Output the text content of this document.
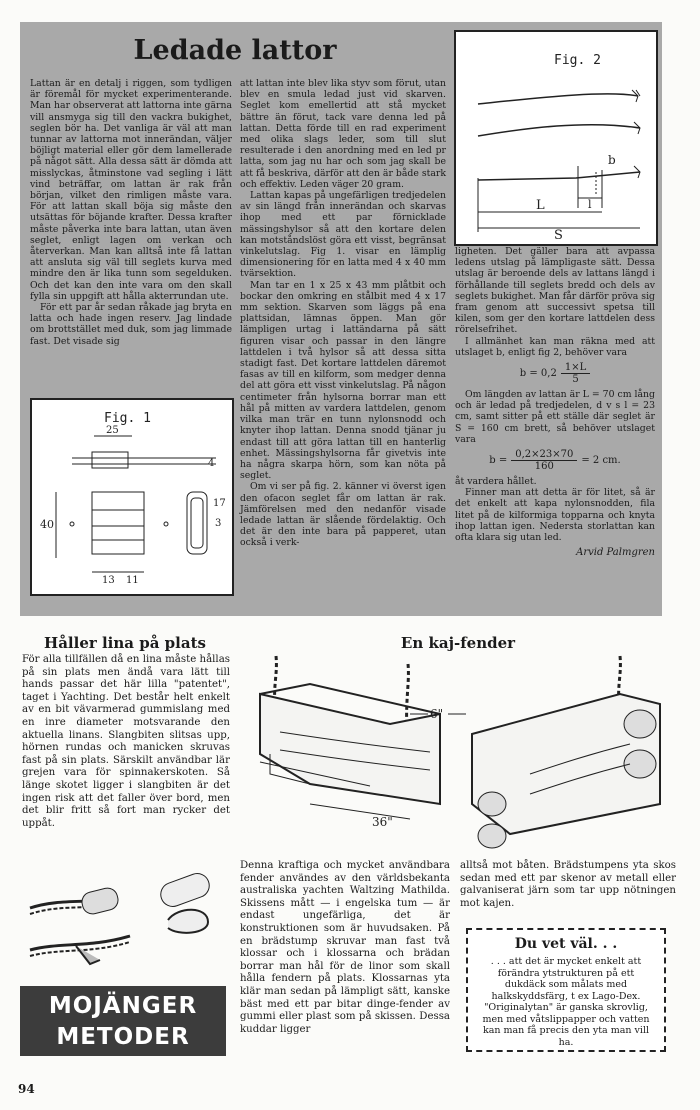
Fig. 2
b
l
L
S
Ledade lattor

Lattan är en detalj i riggen, som tydligen är föremål för mycket experimenterande. Man har observerat att lattorna inte gärna vill ansmyga sig till den vackra bukighet, seglen bör ha. Det vanliga är väl att man tunnar av lattorna mot innerändan, väljer böjligt material eller gör dem lamellerade på något sätt. Alla dessa sätt är dömda att misslyckas, åtminstone vad segling i lätt vind beträffar, om lattan är rak från början, vilket den rimligen måste vara. För att lattan skall böja sig måste den utsättas för böjande krafter. Dessa krafter måste påverka inte bara lattan, utan även seglet, enligt lagen om verkan och återverkan. Man kan alltså inte få lattan att ansluta sig väl till seglets kurva med mindre den är lika tunn som segelduken. Och det kan den inte vara om den skall fylla sin uppgift att hålla akterrundan ute.

För ett par år sedan råkade jag bryta en latta och hade ingen reserv. Jag lindade om brottstället med duk, som jag limmade fast. Det visade sig

Fig. 1
25
4
17
3
40
13 11

att lattan inte blev lika styv som förut, utan blev en smula ledad just vid skarven. Seglet kom emellertid att stå mycket bättre än förut, tack vare denna led på lattan. Detta förde till en rad experiment med olika slags leder, som till slut resulterade i den anordning med en led pr latta, som jag nu har och som jag skall be att få beskriva, därför att den är både stark och effektiv. Leden väger 20 gram.

Lattan kapas på ungefärligen tredjedelen av sin längd från innerändan och skarvas ihop med ett par förnicklade mässingshylsor så att den kortare delen kan motståndslöst göra ett visst, begränsat vinkelutslag. Fig 1. visar en lämplig dimensionering för en latta med 4 x 40 mm tvärsektion.

Man tar en 1 x 25 x 43 mm plåtbit och bockar den omkring en stålbit med 4 x 17 mm sektion. Skarven som läggs på ena plattsidan, lämnas öppen. Man gör lämpligen urtag i lattändarna på sätt figuren visar och passar in den längre lattdelen i två hylsor så att dessa sitta stadigt fast. Det kortare lattdelen däremot fasas av till en kilform, som medger denna del att göra ett visst vinkelutslag. På någon centimeter från hylsorna borrar man ett hål på mitten av vardera lattdelen, genom vilka man trär en tunn nylonsnodd och knyter ihop lattan. Denna snodd tjänar ju endast till att göra lattan till en hanterlig enhet. Mässingshylsorna får givetvis inte ha några skarpa hörn, som kan nöta på seglet.

Om vi ser på fig. 2. känner vi överst igen den ofacon seglet får om lattan är rak. Jämförelsen med den nedanför visade ledade lattan är slående fördelaktig. Och det är den inte bara på papperet, utan också i verk-

ligheten. Det gäller bara att avpassa ledens utslag på lämpligaste sätt. Dessa utslag är beroende dels av lattans längd i förhållande till seglets bredd och dels av seglets bukighet. Man får därför pröva sig fram genom att successivt spetsa till kilen, som ger den kortare lattdelen dess rörelsefrihet.

I allmänhet kan man räkna med att utslaget b, enligt fig 2, behöver vara

$b = 0,2 \frac{1\times L}{5}$

Om längden av lattan är L = 70 cm lång och är ledad på tredjedelen, d v s l = 23 cm, samt sitter på ett ställe där seglet är S = 160 cm brett, så behöver utslaget vara

$b = \frac{0,2\times 23\times 70}{160} = 2$ cm.

åt vardera hållet.

Finner man att detta är för litet, så är det enkelt att kapa nylonsnodden, fila litet på de kilformiga topparna och knyta ihop lattan igen. Nedersta storlattan kan ofta klara sig utan led.

Arvid Palmgren
Håller lina på plats
För alla tillfällen då en lina måste hållas på sin plats men ändå vara lätt till hands passar det här lilla "patentet", taget i Yachting. Det består helt enkelt av en bit vävarmerad gummislang med en inre diameter motsvarande den aktuella linans. Slangbiten slitsas upp, hörnen rundas och manicken skruvas fast på sin plats. Särskilt användbar lär grejen vara för spinnakerskoten. Så länge skotet ligger i slangbiten är det ingen risk att det faller över bord, men det blir fritt så fort man rycker det uppåt.
MOJÄNGER
METODER
94
En kaj-fender
36"
6"
Denna kraftiga och mycket användbara fender användes av den världsbekanta australiska yachten Waltzing Mathilda. Skissens mått — i engelska tum — är endast ungefärliga, det är konstruktionen som är huvudsaken. På en brädstump skruvar man fast två klossar och i klossarna och brädan borrar man hål för de linor som skall hålla fendern på plats. Klossarnas yta klär man sedan på lämpligt sätt, kanske bäst med ett par bitar dinge-fender av gummi eller plast som på skissen. Dessa kuddar ligger
alltså mot båten. Brädstumpens yta skos sedan med ett par skenor av metall eller galvaniserat järn som tar upp nötningen mot kajen.
Du vet väl. . .
. . . att det är mycket enkelt att förändra ytstrukturen på ett dukdäck som målats med halkskyddsfärg, t ex Lago-Dex. "Originalytan" är ganska skrovlig, men med våtslippapper och vatten kan man få precis den yta man vill ha.
